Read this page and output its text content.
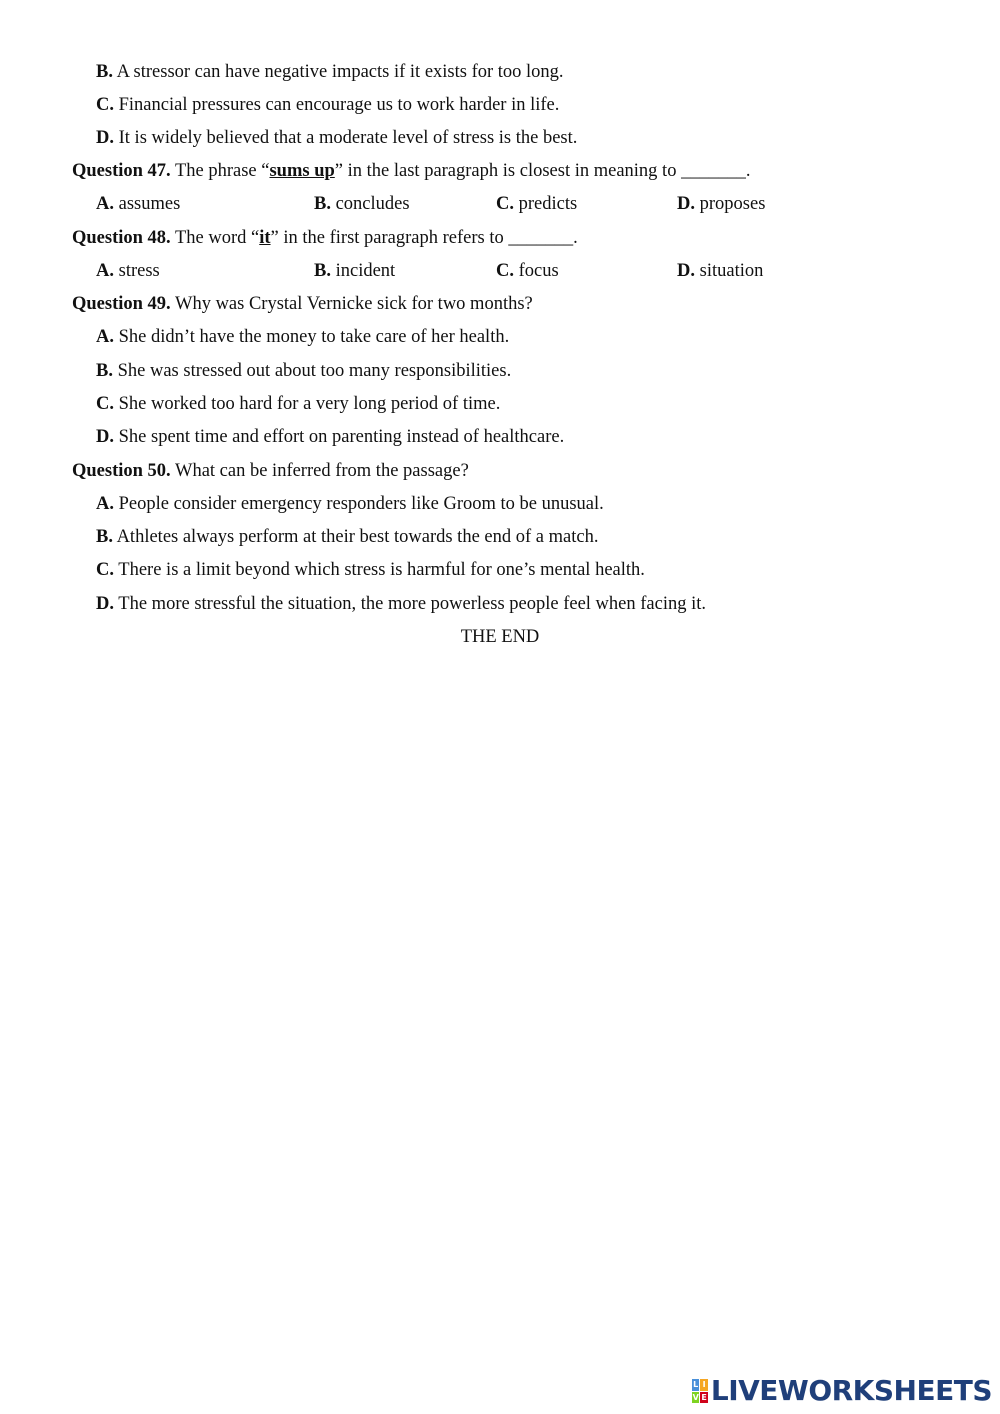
B. A stressor can have negative impacts if it exists for too long.
C. Financial pressures can encourage us to work harder in life.
D. It is widely believed that a moderate level of stress is the best.
Question 47. The phrase “sums up” in the last paragraph is closest in meaning to _______.
A. assumes	B. concludes	C. predicts	D. proposes
Question 48. The word “it” in the first paragraph refers to _______.
A. stress	B. incident	C. focus	D. situation
Question 49. Why was Crystal Vernicke sick for two months?
A. She didn’t have the money to take care of her health.
B. She was stressed out about too many responsibilities.
C. She worked too hard for a very long period of time.
D. She spent time and effort on parenting instead of healthcare.
Question 50. What can be inferred from the passage?
A. People consider emergency responders like Groom to be unusual.
B. Athletes always perform at their best towards the end of a match.
C. There is a limit beyond which stress is harmful for one’s mental health.
D. The more stressful the situation, the more powerless people feel when facing it.
THE END
L I
V E LIVEWORKSHEETS
